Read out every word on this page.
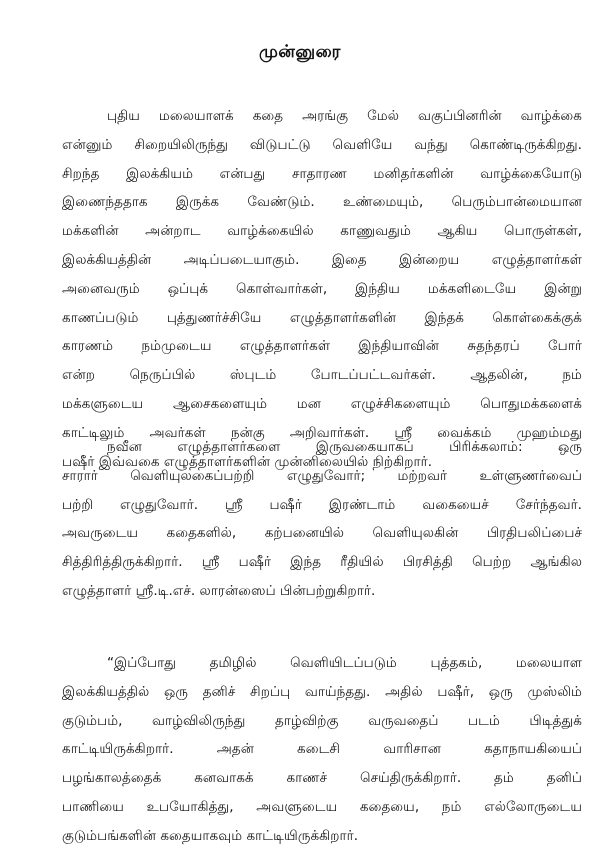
முன்னுரை
புதிய மலையாளக் கதை அரங்கு மேல் வகுப்பினரின் வாழ்க்கை
என்னும் சிறையிலிருந்து விடுபட்டு வெளியே வந்து கொண்டிருக்கிறது.
சிறந்த இலக்கியம் என்பது சாதாரண மனிதர்களின் வாழ்க்கையோடு
இணைந்ததாக இருக்க வேண்டும். உண்மையும், பெரும்பான்மையான
மக்களின் அன்றாட வாழ்க்கையில் காணுவதும் ஆகிய பொருள்கள்,
இலக்கியத்தின் அடிப்படையாகும். இதை இன்றைய எழுத்தாளர்கள்
அனைவரும் ஒப்புக் கொள்வார்கள், இந்திய மக்களிடையே இன்று
காணப்படும் புத்துணர்ச்சியே எழுத்தாளர்களின் இந்தக் கொள்கைக்குக்
காரணம் நம்முடைய எழுத்தாளர்கள் இந்தியாவின் சுதந்தரப் போர்
என்ற நெருப்பில் ஸ்புடம் போடப்பட்டவர்கள். ஆதலின், நம்
மக்களுடைய ஆசைகளையும் மன எழுச்சிகளையும் பொதுமக்களைக்
காட்டிலும் அவர்கள் நன்கு அறிவார்கள். ஸ்ரீ வைக்கம் முஹம்மது
பஷீர் இவ்வகை எழுத்தாளர்களின் முன்னிலையில் நிற்கிறார்.
நவீன எழுத்தாளர்களை இருவகையாகப் பிரிக்கலாம்: ஒரு
சாரார் வெளியுலகைப்பற்றி எழுதுவோர்; மற்றவர் உள்ளுணர்வைப்
பற்றி எழுதுவோர். ஸ்ரீ பஷீர் இரண்டாம் வகையைச் சேர்ந்தவர்.
அவருடைய கதைகளில், கற்பனையில் வெளியுலகின் பிரதிபலிப்பைச்
சித்திரித்திருக்கிறார். ஸ்ரீ பஷீர் இந்த ரீதியில் பிரசித்தி பெற்ற ஆங்கில
எழுத்தாளர் ஸ்ரீ.டி.எச். லாரன்ஸைப் பின்பற்றுகிறார்.
“இப்போது தமிழில் வெளியிடப்படும் புத்தகம், மலையாள
இலக்கியத்தில் ஒரு தனிச் சிறப்பு வாய்ந்தது. அதில் பஷீர், ஒரு முஸ்லிம்
குடும்பம், வாழ்விலிருந்து தாழ்விற்கு வருவதைப் படம் பிடித்துக்
காட்டியிருக்கிறார். அதன் கடைசி வாரிசான கதாநாயகியைப்
பழங்காலத்தைக் கனவாகக் காணச் செய்திருக்கிறார். தம் தனிப்
பாணியை உபயோகித்து, அவளுடைய கதையை, நம் எல்லோருடைய
குடும்பங்களின் கதையாகவும் காட்டியிருக்கிறார்.
